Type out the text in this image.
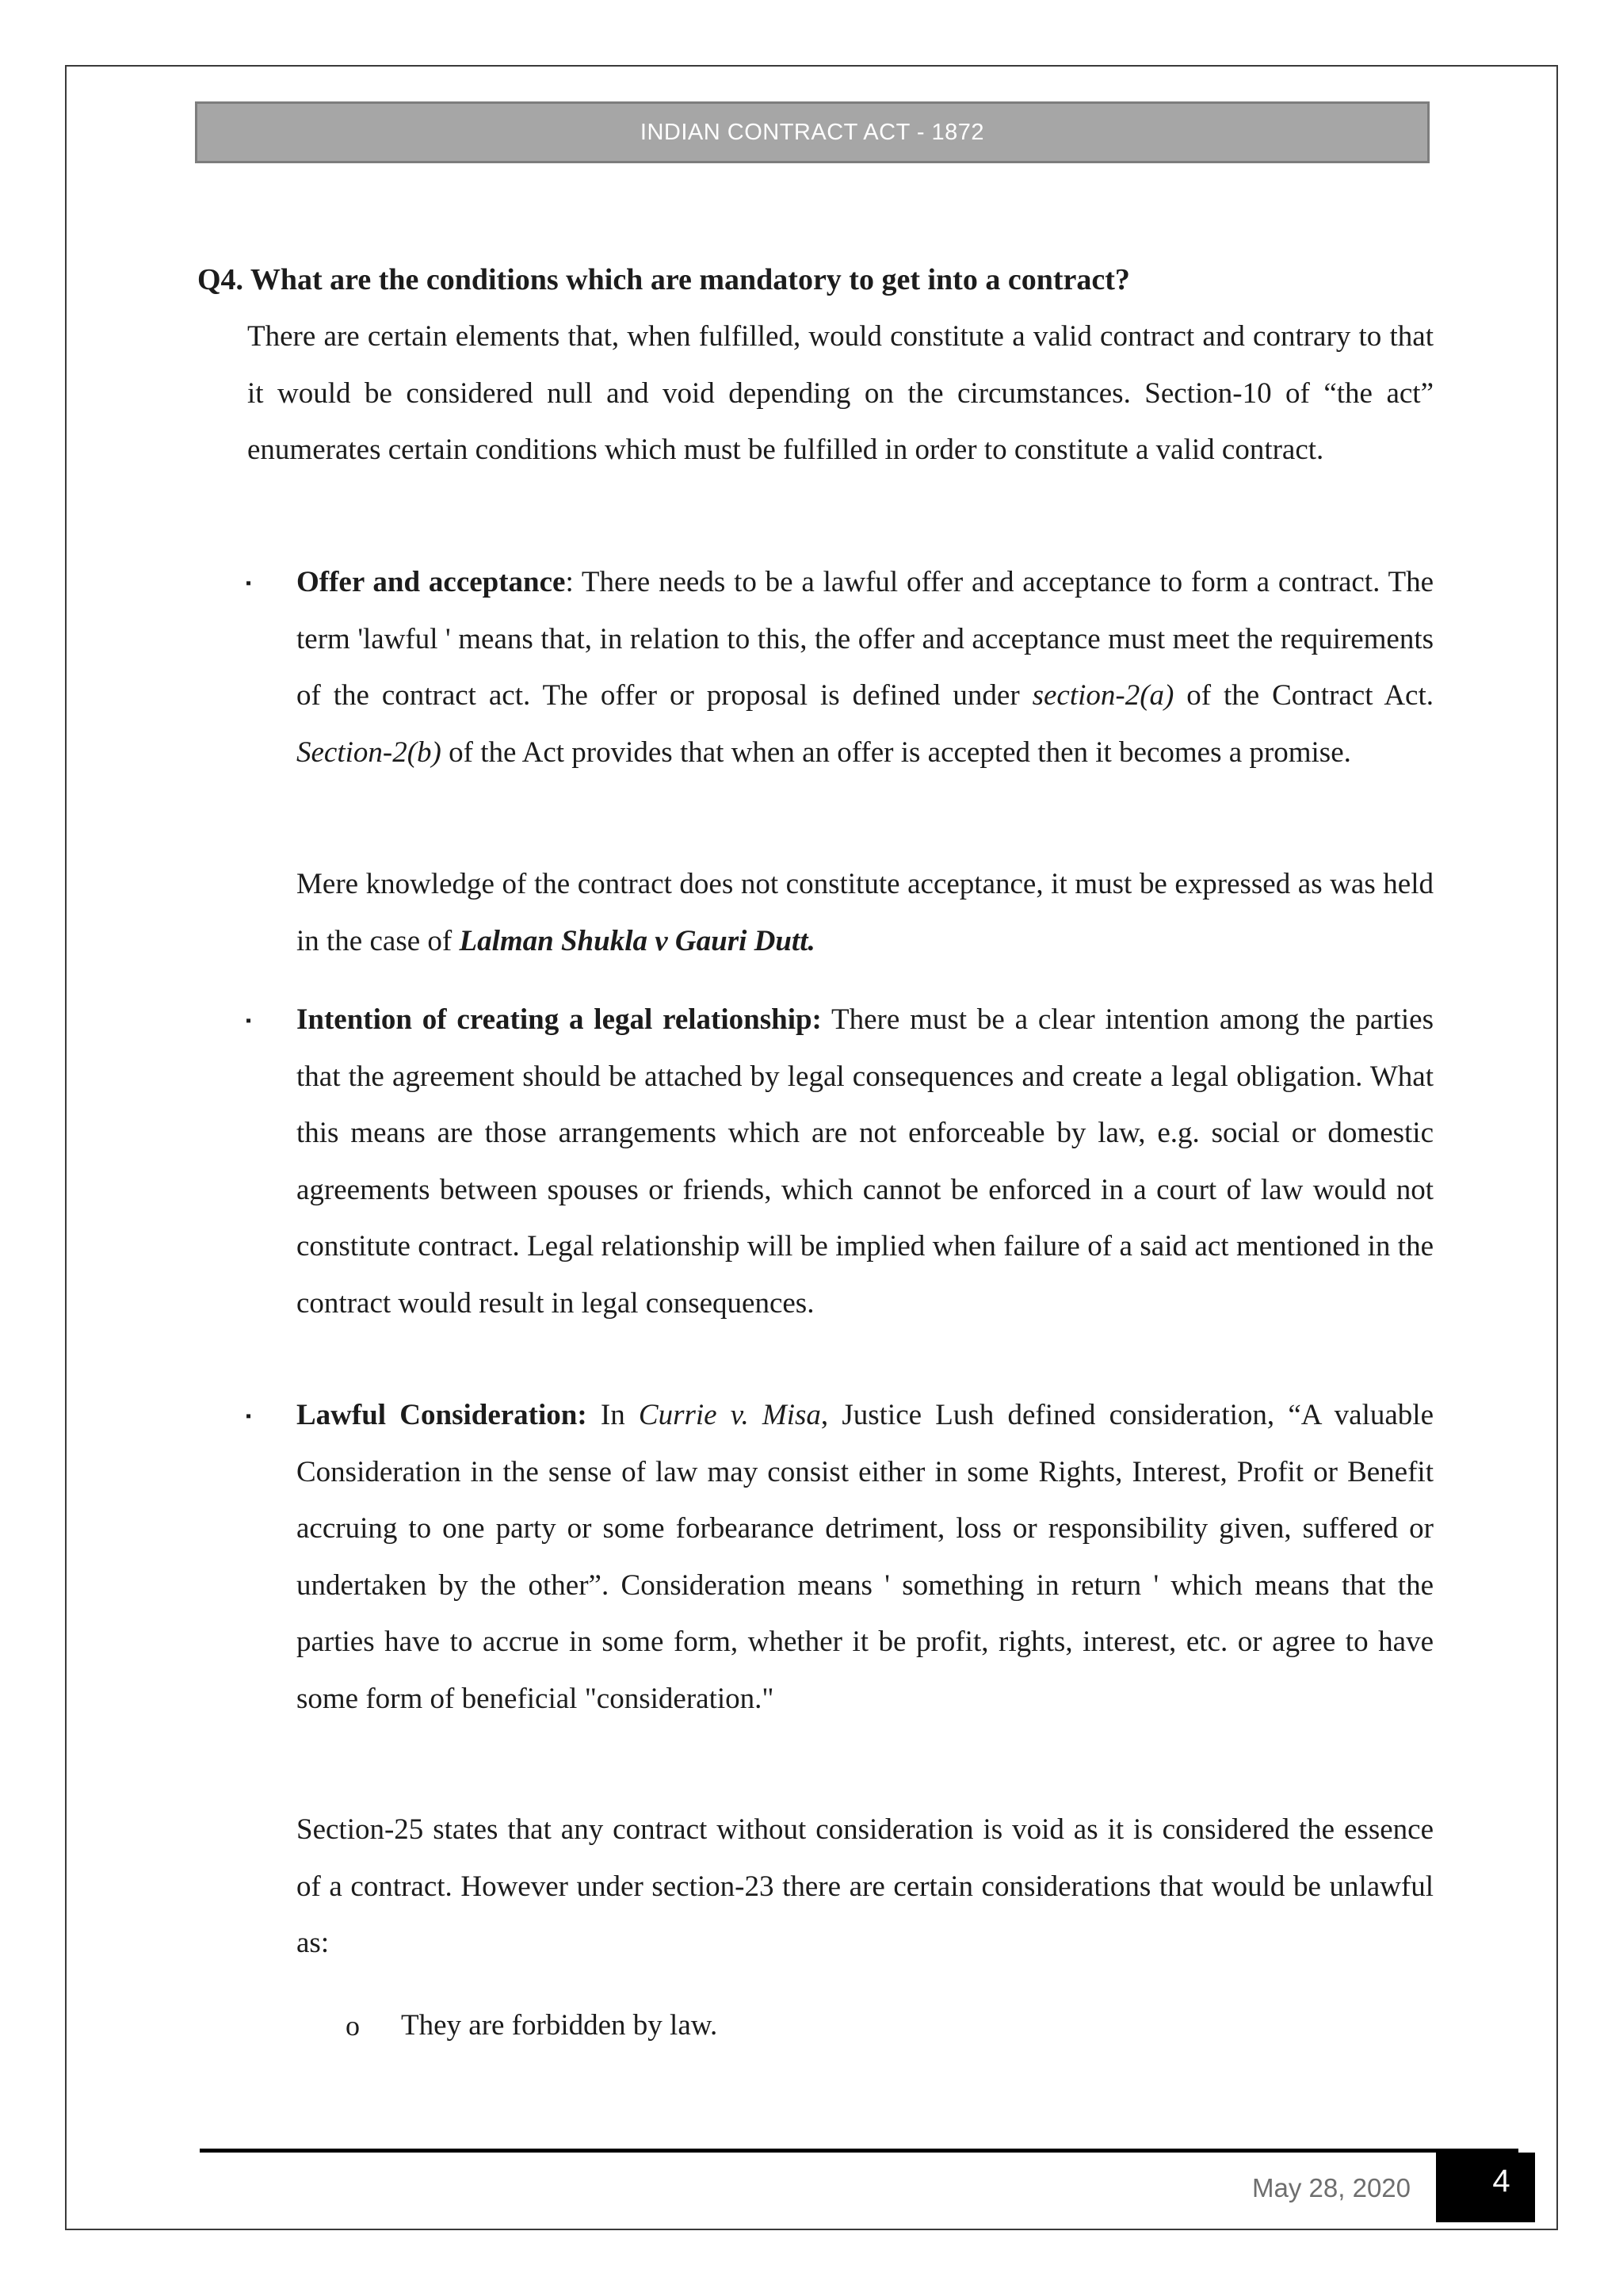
INDIAN CONTRACT ACT - 1872
Q4. What are the conditions which are mandatory to get into a contract?
There are certain elements that, when fulfilled, would constitute a valid contract and contrary to that it would be considered null and void depending on the circumstances. Section-10 of “the act” enumerates certain conditions which must be fulfilled in order to constitute a valid contract.
▪ Offer and acceptance: There needs to be a lawful offer and acceptance to form a contract. The term 'lawful ' means that, in relation to this, the offer and acceptance must meet the requirements of the contract act. The offer or proposal is defined under section-2(a) of the Contract Act. Section-2(b) of the Act provides that when an offer is accepted then it becomes a promise.
Mere knowledge of the contract does not constitute acceptance, it must be expressed as was held in the case of Lalman Shukla v Gauri Dutt.
▪ Intention of creating a legal relationship: There must be a clear intention among the parties that the agreement should be attached by legal consequences and create a legal obligation. What this means are those arrangements which are not enforceable by law, e.g. social or domestic agreements between spouses or friends, which cannot be enforced in a court of law would not constitute contract. Legal relationship will be implied when failure of a said act mentioned in the contract would result in legal consequences.
▪ Lawful Consideration: In Currie v. Misa, Justice Lush defined consideration, “A valuable Consideration in the sense of law may consist either in some Rights, Interest, Profit or Benefit accruing to one party or some forbearance detriment, loss or responsibility given, suffered or undertaken by the other”. Consideration means ' something in return ' which means that the parties have to accrue in some form, whether it be profit, rights, interest, etc. or agree to have some form of beneficial "consideration."
Section-25 states that any contract without consideration is void as it is considered the essence of a contract. However under section-23 there are certain considerations that would be unlawful as:
o They are forbidden by law.
May 28, 2020	4
